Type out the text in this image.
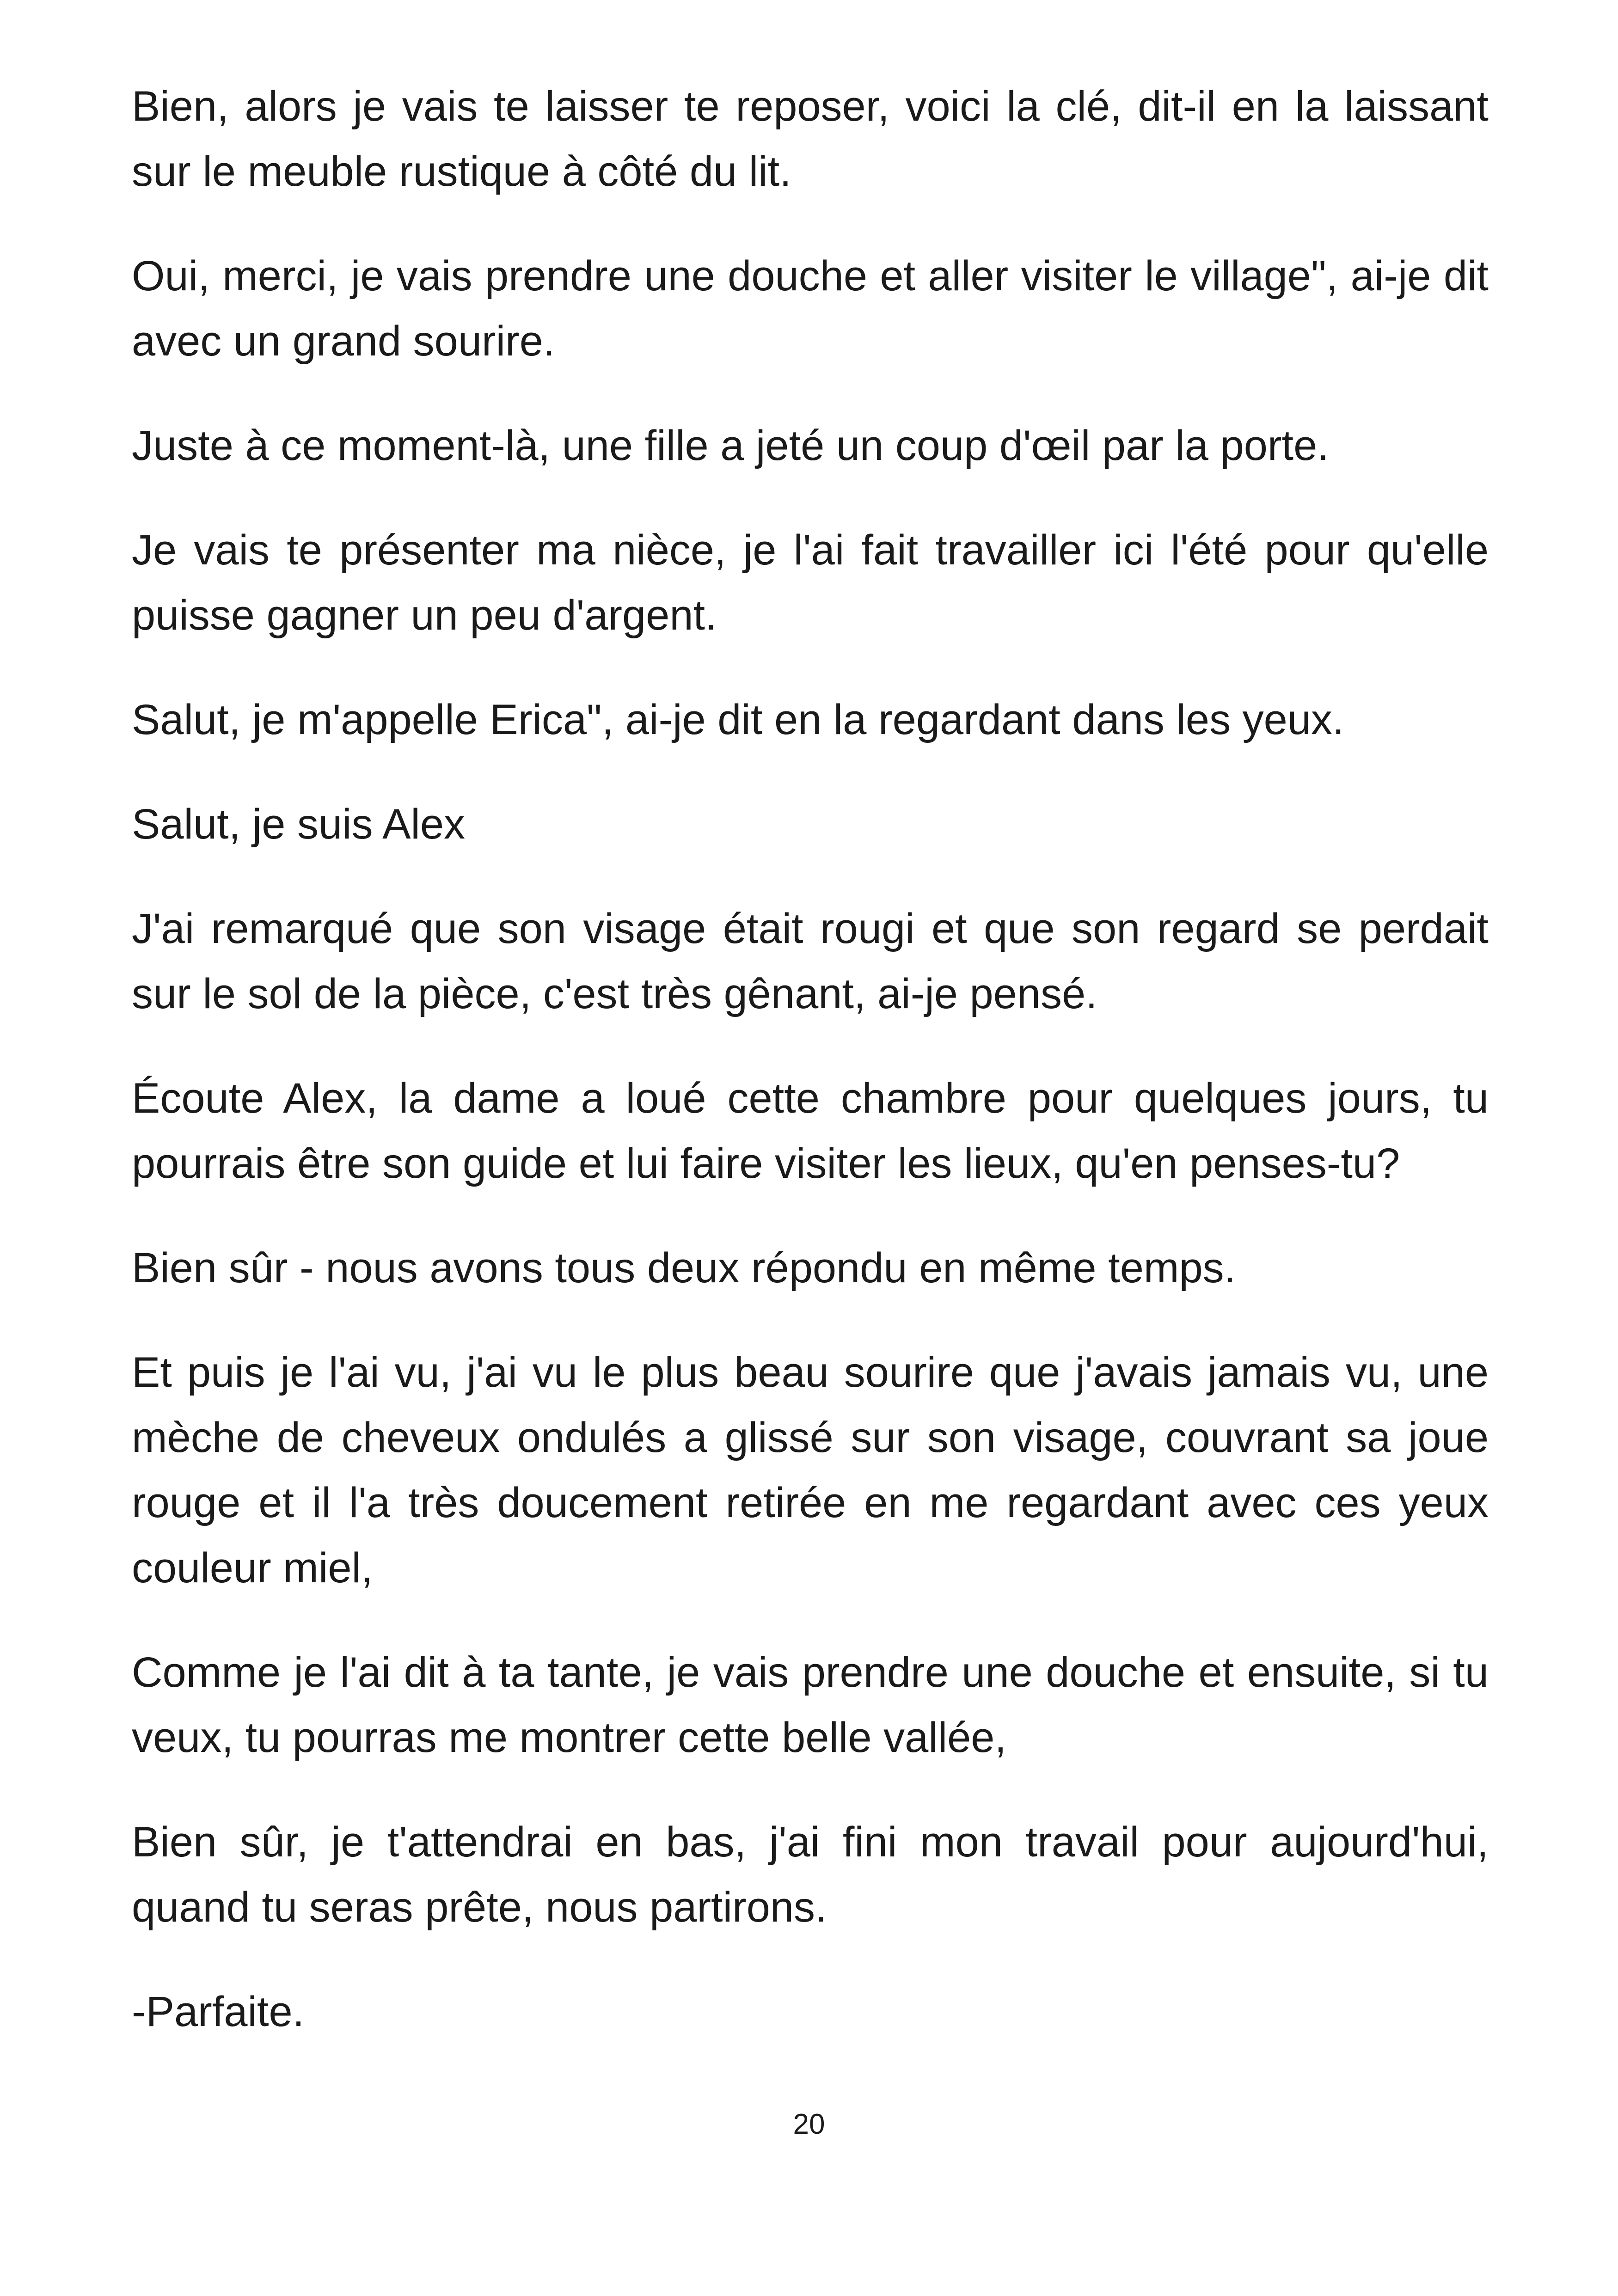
Bien, alors je vais te laisser te reposer, voici la clé, dit-il en la laissant sur le meuble rustique à côté du lit.

Oui, merci, je vais prendre une douche et aller visiter le village", ai-je dit avec un grand sourire.

Juste à ce moment-là, une fille a jeté un coup d'œil par la porte.

Je vais te présenter ma nièce, je l'ai fait travailler ici l'été pour qu'elle puisse gagner un peu d'argent.

Salut, je m'appelle Erica", ai-je dit en la regardant dans les yeux.

Salut, je suis Alex

J'ai remarqué que son visage était rougi et que son regard se perdait sur le sol de la pièce, c'est très gênant, ai-je pensé.

Écoute Alex, la dame a loué cette chambre pour quelques jours, tu pourrais être son guide et lui faire visiter les lieux, qu'en penses-tu?

Bien sûr - nous avons tous deux répondu en même temps.

Et puis je l'ai vu, j'ai vu le plus beau sourire que j'avais jamais vu, une mèche de cheveux ondulés a glissé sur son visage, couvrant sa joue rouge et il l'a très doucement retirée en me regardant avec ces yeux couleur miel,

Comme je l'ai dit à ta tante, je vais prendre une douche et ensuite, si tu veux, tu pourras me montrer cette belle vallée,

Bien sûr, je t'attendrai en bas, j'ai fini mon travail pour aujourd'hui, quand tu seras prête, nous partirons.

-Parfaite.

20
